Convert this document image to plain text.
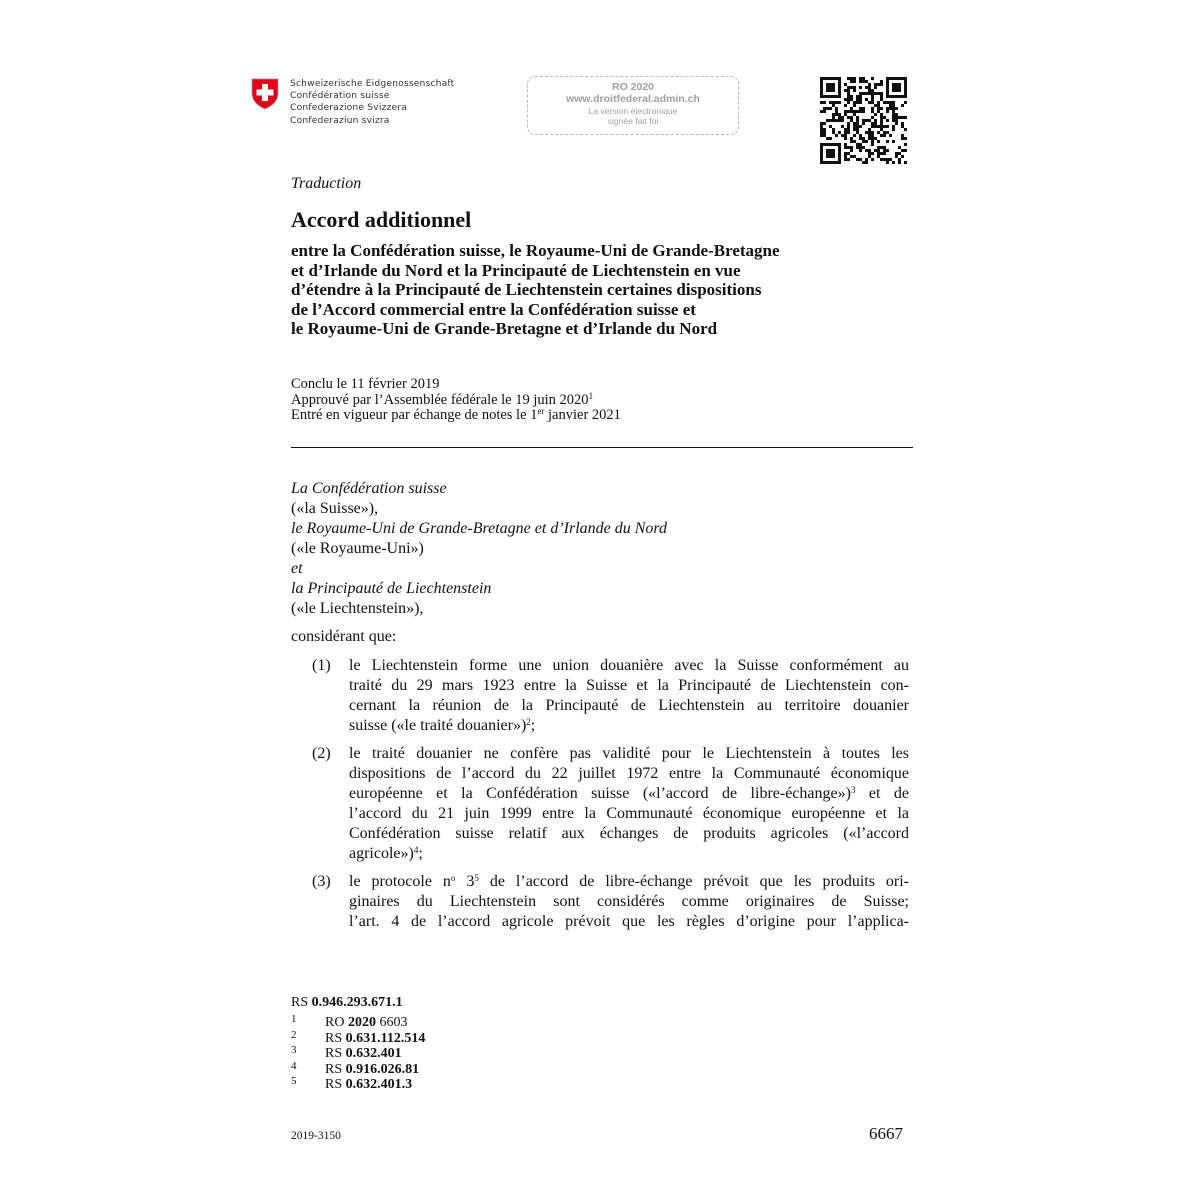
Schweizerische Eidgenossenschaft
Confédération suisse
Confederazione Svizzera
Confederaziun svizra
RO 2020
www.droitfederal.admin.ch
La version électronique
signée fait foi
Traduction
Accord additionnel
entre la Confédération suisse, le Royaume-Uni de Grande-Bretagne
et d’Irlande du Nord et la Principauté de Liechtenstein en vue
d’étendre à la Principauté de Liechtenstein certaines dispositions
de l’Accord commercial entre la Confédération suisse et
le Royaume-Uni de Grande-Bretagne et d’Irlande du Nord
Conclu le 11 février 2019
Approuvé par l’Assemblée fédérale le 19 juin 2020$^1$
Entré en vigueur par échange de notes le 1er janvier 2021
La Confédération suisse
(«la Suisse»),
le Royaume-Uni de Grande-Bretagne et d’Irlande du Nord
(«le Royaume-Uni»)
et
la Principauté de Liechtenstein
(«le Liechtenstein»),
considérant que:
(1) le Liechtenstein forme une union douanière avec la Suisse conformément au
traité du 29 mars 1923 entre la Suisse et la Principauté de Liechtenstein con-
cernant la réunion de la Principauté de Liechtenstein au territoire douanier
suisse («le traité douanier»)$^2$;
(2) le traité douanier ne confère pas validité pour le Liechtenstein à toutes les
dispositions de l’accord du 22 juillet 1972 entre la Communauté économique
européenne et la Confédération suisse («l’accord de libre-échange»)$^3$ et de
l’accord du 21 juin 1999 entre la Communauté économique européenne et la
Confédération suisse relatif aux échanges de produits agricoles («l’accord
agricole»)$^4$;
(3) le protocole $n^o$ $3^5$ de l’accord de libre-échange prévoit que les produits ori-
ginaires du Liechtenstein sont considérés comme originaires de Suisse;
l’art. 4 de l’accord agricole prévoit que les règles d’origine pour l’applica-
RS 0.946.293.671.1
1 RO 2020 6603
2 RS 0.631.112.514
3 RS 0.632.401
4 RS 0.916.026.81
5 RS 0.632.401.3
2019-3150	6667
